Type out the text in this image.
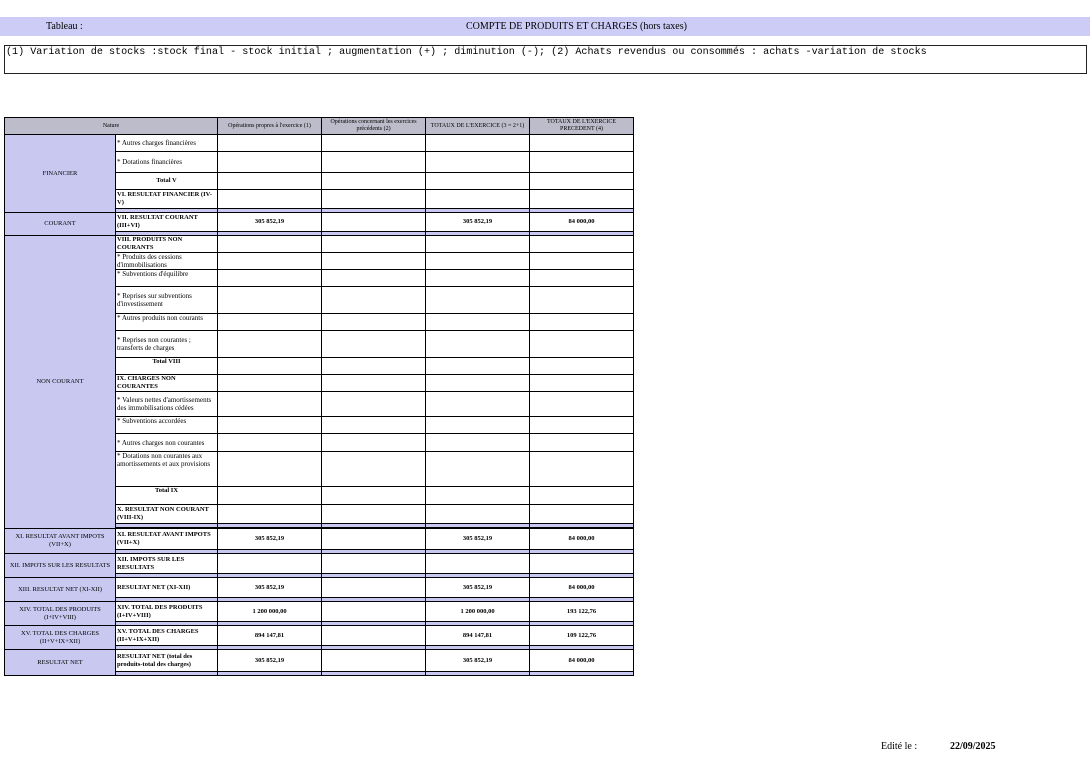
Tableau :	COMPTE DE PRODUITS ET CHARGES (hors taxes)
(1) Variation de stocks :stock final - stock initial ; augmentation (+) ; diminution (-); (2) Achats revendus ou consommés : achats -variation de stocks
Nature		Opérations propres à l'exercice (1)	Opérations concernant les exercices précédents (2)	TOTAUX DE L'EXERCICE (3 = 2+1)	TOTAUX DE L'EXERCICE PRECEDENT (4)
FINANCIER	* Autres charges financières				
	* Dotations financières				
	Total V				
	VI. RESULTAT FINANCIER (IV-V)				

COURANT	VII. RESULTAT COURANT (III+VI)	305 852,19		305 852,19	84 000,00

NON COURANT	VIII. PRODUITS NON COURANTS				
	* Produits des cessions d'immobilisations				
	* Subventions d'équilibre				
	* Reprises sur subventions d'investissement				
	* Autres produits non courants				
	* Reprises non courantes ; transferts de charges				
	Total VIII				
	IX. CHARGES NON COURANTES				
	* Valeurs nettes d'amortissements des immobilisations cédées				
	* Subventions accordées				
	* Autres charges non courantes				
	* Dotations non courantes aux amortissements et aux provisions				
	Total IX				
	X. RESULTAT NON COURANT (VIII-IX)				

XI. RESULTAT AVANT IMPOTS (VII+X)	XI. RESULTAT AVANT IMPOTS (VII+X)	305 852,19		305 852,19	84 000,00

XII. IMPOTS SUR LES RESULTATS	XII. IMPOTS SUR LES RESULTATS				

XIII. RESULTAT NET (XI-XII)	RESULTAT NET (XI-XII)	305 852,19		305 852,19	84 000,00

XIV. TOTAL DES PRODUITS (I+IV+VIII)	XIV. TOTAL DES PRODUITS (I+IV+VIII)	1 200 000,00		1 200 000,00	193 122,76

XV. TOTAL DES CHARGES (II+V+IX+XII)	XV. TOTAL DES CHARGES (II+V+IX+XII)	894 147,81		894 147,81	109 122,76

RESULTAT NET	RESULTAT NET (total des produits-total des charges)	305 852,19		305 852,19	84 000,00

Edité le :	22/09/2025
